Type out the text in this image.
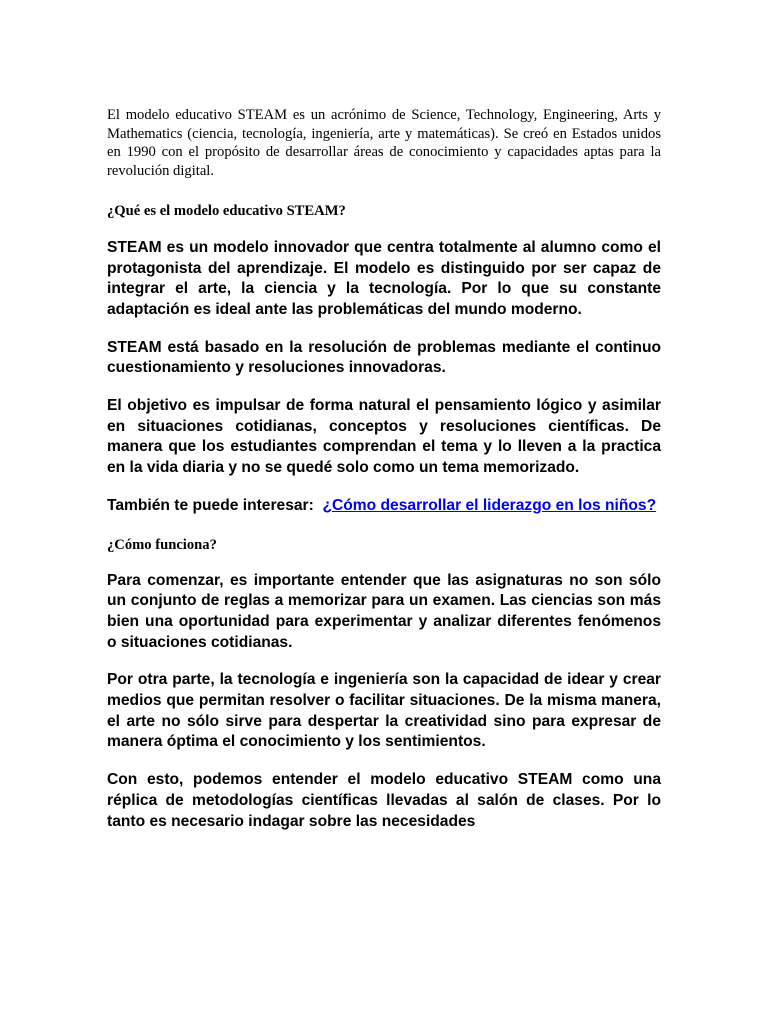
El modelo educativo STEAM es un acrónimo de Science, Technology, Engineering, Arts y Mathematics (ciencia, tecnología, ingeniería, arte y matemáticas). Se creó en Estados unidos en 1990 con el propósito de desarrollar áreas de conocimiento y capacidades aptas para la revolución digital.

¿Qué es el modelo educativo STEAM?

STEAM es un modelo innovador que centra totalmente al alumno como el protagonista del aprendizaje. El modelo es distinguido por ser capaz de integrar el arte, la ciencia y la tecnología. Por lo que su constante adaptación es ideal ante las problemáticas del mundo moderno.

STEAM está basado en la resolución de problemas mediante el continuo cuestionamiento y resoluciones innovadoras.

El objetivo es impulsar de forma natural el pensamiento lógico y asimilar en situaciones cotidianas, conceptos y resoluciones científicas. De manera que los estudiantes comprendan el tema y lo lleven a la practica en la vida diaria y no se quedé solo como un tema memorizado.

También te puede interesar: ¿Cómo desarrollar el liderazgo en los niños?

¿Cómo funciona?

Para comenzar, es importante entender que las asignaturas no son sólo un conjunto de reglas a memorizar para un examen. Las ciencias son más bien una oportunidad para experimentar y analizar diferentes fenómenos o situaciones cotidianas.

Por otra parte, la tecnología e ingeniería son la capacidad de idear y crear medios que permitan resolver o facilitar situaciones. De la misma manera, el arte no sólo sirve para despertar la creatividad sino para expresar de manera óptima el conocimiento y los sentimientos.

Con esto, podemos entender el modelo educativo STEAM como una réplica de metodologías científicas llevadas al salón de clases. Por lo tanto es necesario indagar sobre las necesidades
